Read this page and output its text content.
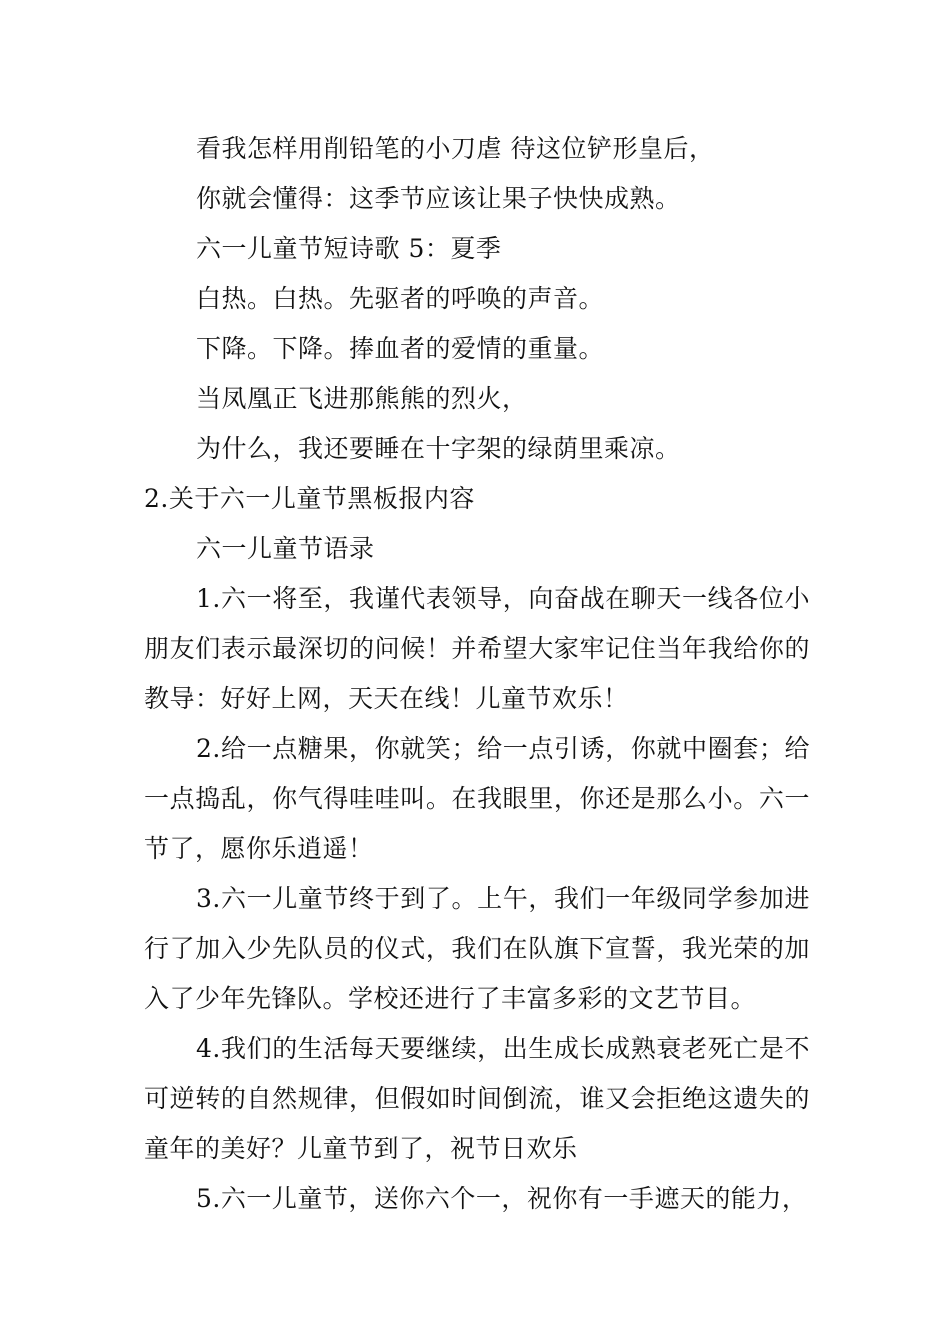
看我怎样用削铅笔的小刀虐 待这位铲形皇后，
你就会懂得：这季节应该让果子快快成熟。
六一儿童节短诗歌 5：夏季
白热。白热。先驱者的呼唤的声音。
下降。下降。捧血者的爱情的重量。
当凤凰正飞进那熊熊的烈火，
为什么，我还要睡在十字架的绿荫里乘凉。
2.关于六一儿童节黑板报内容
六一儿童节语录
1.六一将至，我谨代表领导，向奋战在聊天一线各位小朋友们表示最深切的问候！并希望大家牢记住当年我给你的教导：好好上网，天天在线！儿童节欢乐！
2.给一点糖果，你就笑；给一点引诱，你就中圈套；给一点捣乱，你气得哇哇叫。在我眼里，你还是那么小。六一节了，愿你乐逍遥！
3.六一儿童节终于到了。上午，我们一年级同学参加进行了加入少先队员的仪式，我们在队旗下宣誓，我光荣的加入了少年先锋队。学校还进行了丰富多彩的文艺节目。
4.我们的生活每天要继续，出生成长成熟衰老死亡是不可逆转的自然规律，但假如时间倒流，谁又会拒绝这遗失的童年的美好？儿童节到了，祝节日欢乐
5.六一儿童节，送你六个一，祝你有一手遮天的能力，
